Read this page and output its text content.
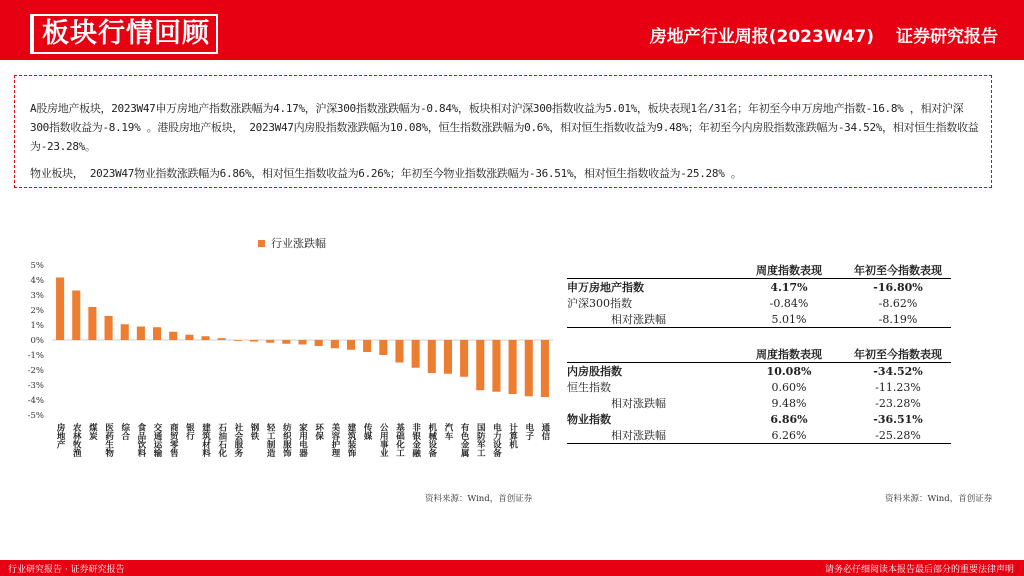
板块行情回顾	房地产行业周报(2023W47) 证券研究报告

A股房地产板块，2023W47申万房地产指数涨跌幅为4.17%，沪深300指数涨跌幅为-0.84%，板块相对沪深300指数收益为5.01%，板块表现1名/31名；年初至今申万房地产指数-16.8% ，相对沪深300指数收益为-8.19% 。港股房地产板块， 2023W47内房股指数涨跌幅为10.08%，恒生指数涨跌幅为0.6%，相对恒生指数收益为9.48%；年初至今内房股指数涨跌幅为-34.52%，相对恒生指数收益为-23.28%。

物业板块， 2023W47物业指数涨跌幅为6.86%，相对恒生指数收益为6.26%；年初至今物业指数涨跌幅为-36.51%，相对恒生指数收益为-25.28% 。

行业涨跌幅
5%
4%
3%
2%
1%
0%
-1%
-2%
-3%
-4%
-5%
房地产 农林牧渔 煤炭 医药生物 综合 食品饮料 交通运输 商贸零售 银行 建筑材料 石油石化 社会服务 钢铁 轻工制造 纺织服饰 家用电器 环保 美容护理 建筑装饰 传媒 公用事业 基础化工 非银金融 机械设备 汽车 有色金属 国防军工 电力设备 计算机 电子 通信
资料来源：Wind，首创证券
	周度指数表现	年初至今指数表现
申万房地产指数	4.17%	-16.80%
沪深300指数	-0.84%	-8.62%
相对涨跌幅	5.01%	-8.19%
	周度指数表现	年初至今指数表现
内房股指数	10.08%	-34.52%
恒生指数	0.60%	-11.23%
相对涨跌幅	9.48%	-23.28%
物业指数	6.86%	-36.51%
相对涨跌幅	6.26%	-25.28%
资料来源：Wind，首创证券
行业研究报告 · 证券研究报告	请务必仔细阅读本报告最后部分的重要法律声明
